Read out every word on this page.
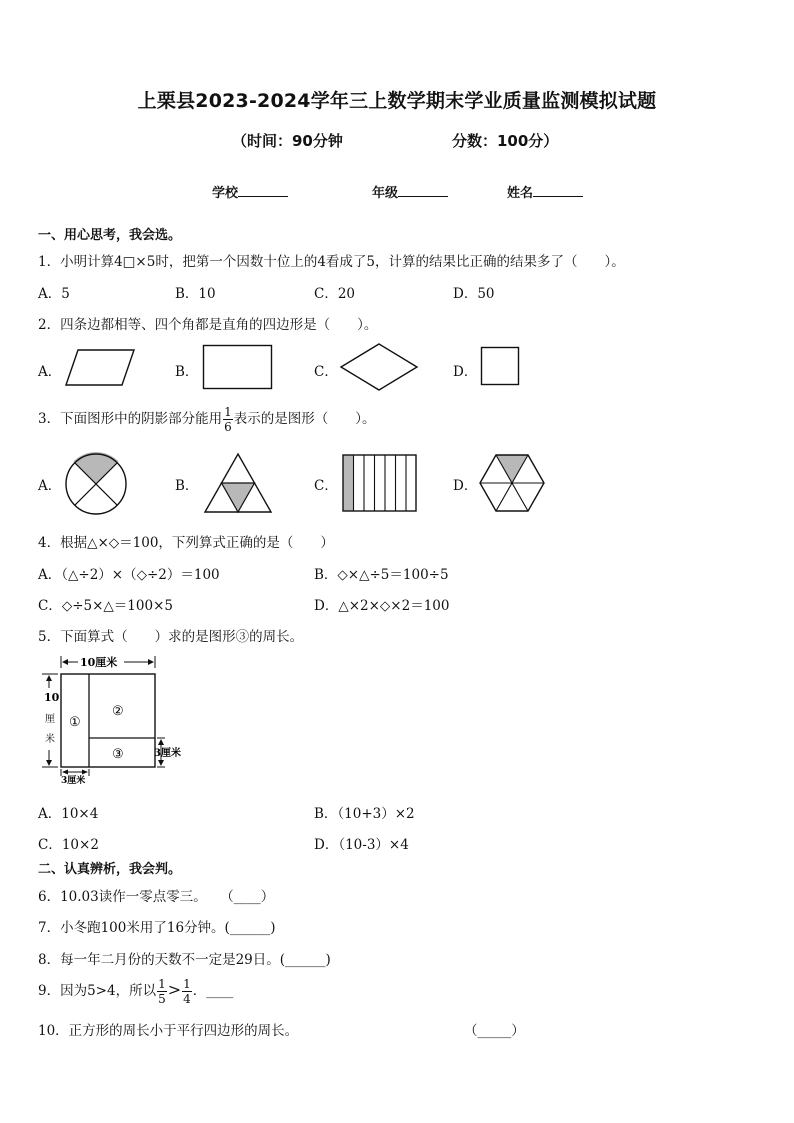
上栗县2023-2024学年三上数学期末学业质量监测模拟试题
（时间：90分钟	分数：100分）
学校	年级	姓名
一、用心思考，我会选。
1．小明计算4□×5时，把第一个因数十位上的4看成了5，计算的结果比正确的结果多了（　　）。
A．5	B．10	C．20	D．50
2．四条边都相等、四个角都是直角的四边形是（　　）。
A．	B．	C．	D．
3．下面图形中的阴影部分能用 $\frac{1}{6}$ 表示的是图形（　　）。
A．	B．	C．	D．
4．根据△×◇＝100，下列算式正确的是（　　）
A．（△÷2）×（◇÷2）＝100	B．◇×△÷5＝100÷5
C．◇÷5×△＝100×5	D．△×2×◇×2＝100
5．下面算式（　　）求的是图形③的周长。
10厘米
10
厘
米
①
②
③	3厘米
3厘米
A．10×4	B．（10+3）×2
C．10×2	D．（10-3）×4
二、认真辨析，我会判。
6．10.03读作一零点零三。　　（____）
7．小冬跑100米用了16分钟。(______)
8．每一年二月份的天数不一定是29日。(______)
9．因为5>4，所以 $\frac{1}{5} > \frac{1}{4}$ ．____
10．正方形的周长小于平行四边形的周长。	（_____）
